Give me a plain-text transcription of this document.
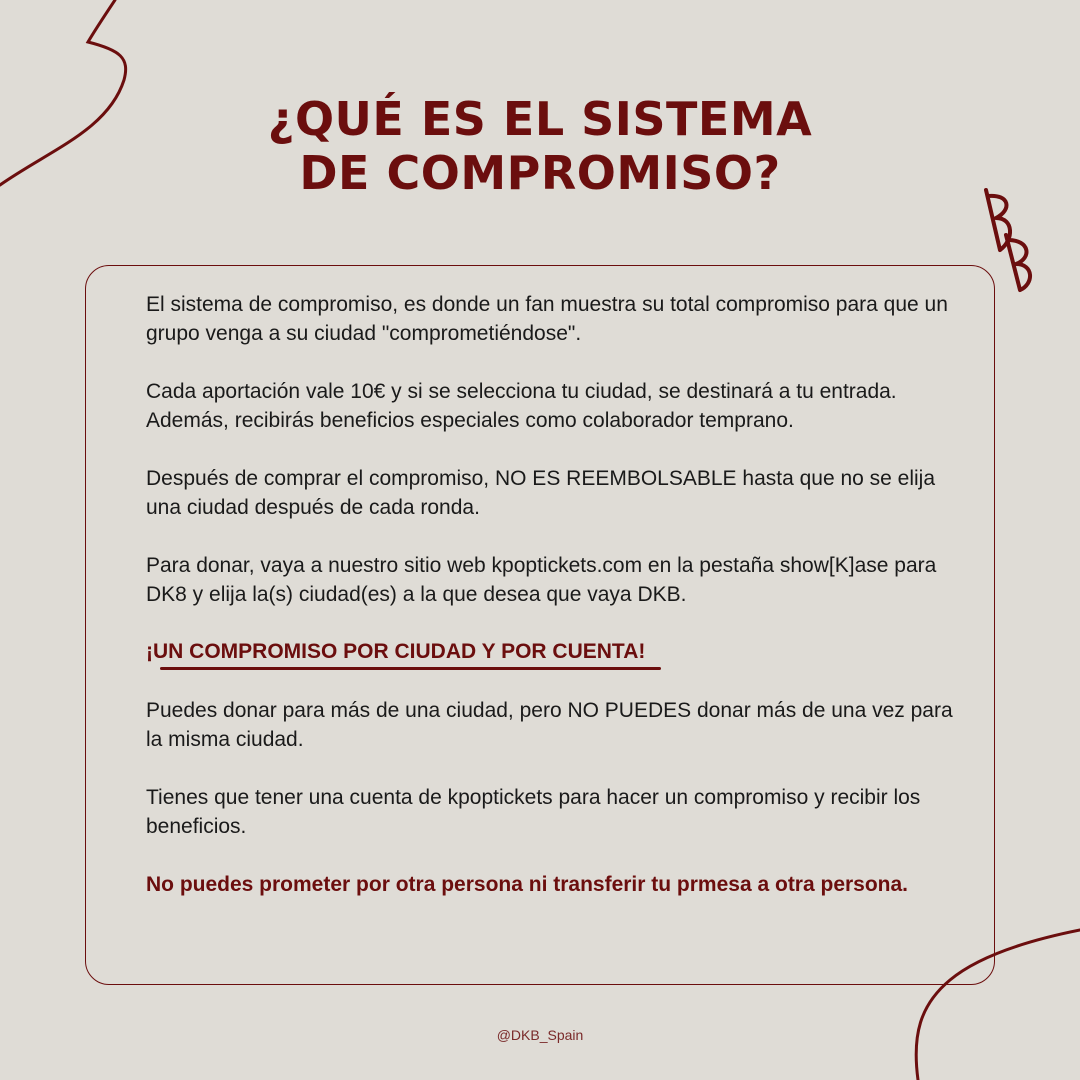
¿QUÉ ES EL SISTEMA
DE COMPROMISO?

El sistema de compromiso, es donde un fan muestra su total compromiso para que un grupo venga a su ciudad "comprometiéndose".

Cada aportación vale 10€ y si se selecciona tu ciudad, se destinará a tu entrada. Además, recibirás beneficios especiales como colaborador temprano.

Después de comprar el compromiso, NO ES REEMBOLSABLE hasta que no se elija una ciudad después de cada ronda.

Para donar, vaya a nuestro sitio web kpoptickets.com en la pestaña show[K]ase para DK8 y elija la(s) ciudad(es) a la que desea que vaya DKB.

¡UN COMPROMISO POR CIUDAD Y POR CUENTA!

Puedes donar para más de una ciudad, pero NO PUEDES donar más de una vez para la misma ciudad.

Tienes que tener una cuenta de kpoptickets para hacer un compromiso y recibir los beneficios.

No puedes prometer por otra persona ni transferir tu prmesa a otra persona.

@DKB_Spain
